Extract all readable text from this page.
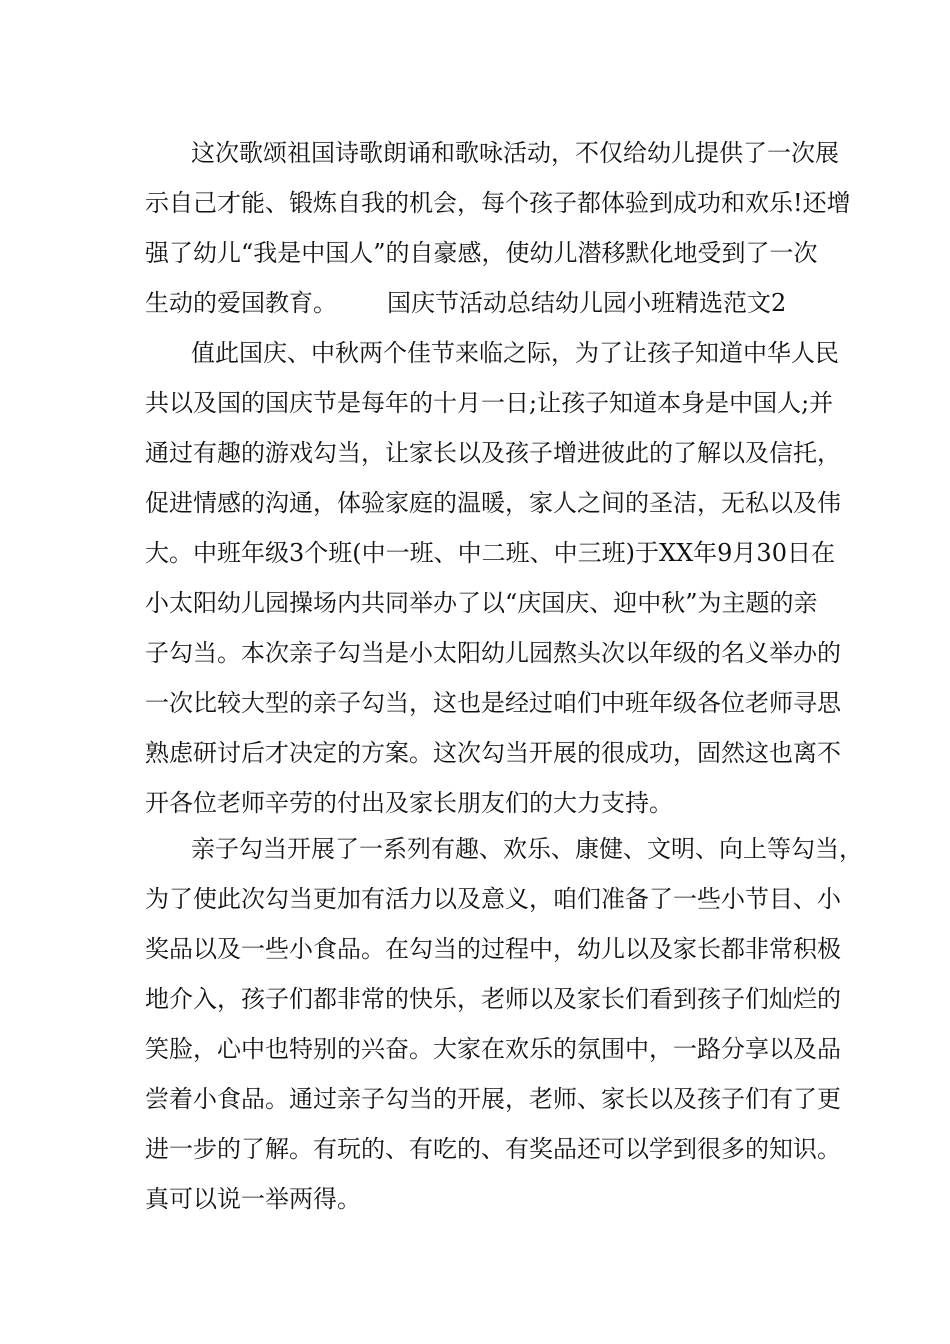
这次歌颂祖国诗歌朗诵和歌咏活动，不仅给幼儿提供了一次展
示自己才能、锻炼自我的机会，每个孩子都体验到成功和欢乐!还增
强了幼儿“我是中国人”的自豪感，使幼儿潜移默化地受到了一次
生动的爱国教育。 国庆节活动总结幼儿园小班精选范文2
值此国庆、中秋两个佳节来临之际，为了让孩子知道中华人民
共以及国的国庆节是每年的十月一日;让孩子知道本身是中国人;并
通过有趣的游戏勾当，让家长以及孩子增进彼此的了解以及信托，
促进情感的沟通，体验家庭的温暖，家人之间的圣洁，无私以及伟
大。中班年级3个班(中一班、中二班、中三班)于XX年9月30日在
小太阳幼儿园操场内共同举办了以“庆国庆、迎中秋”为主题的亲
子勾当。本次亲子勾当是小太阳幼儿园熬头次以年级的名义举办的
一次比较大型的亲子勾当，这也是经过咱们中班年级各位老师寻思
熟虑研讨后才决定的方案。这次勾当开展的很成功，固然这也离不
开各位老师辛劳的付出及家长朋友们的大力支持。
亲子勾当开展了一系列有趣、欢乐、康健、文明、向上等勾当，
为了使此次勾当更加有活力以及意义，咱们准备了一些小节目、小
奖品以及一些小食品。在勾当的过程中，幼儿以及家长都非常积极
地介入，孩子们都非常的快乐，老师以及家长们看到孩子们灿烂的
笑脸，心中也特别的兴奋。大家在欢乐的氛围中，一路分享以及品
尝着小食品。通过亲子勾当的开展，老师、家长以及孩子们有了更
进一步的了解。有玩的、有吃的、有奖品还可以学到很多的知识。
真可以说一举两得。
